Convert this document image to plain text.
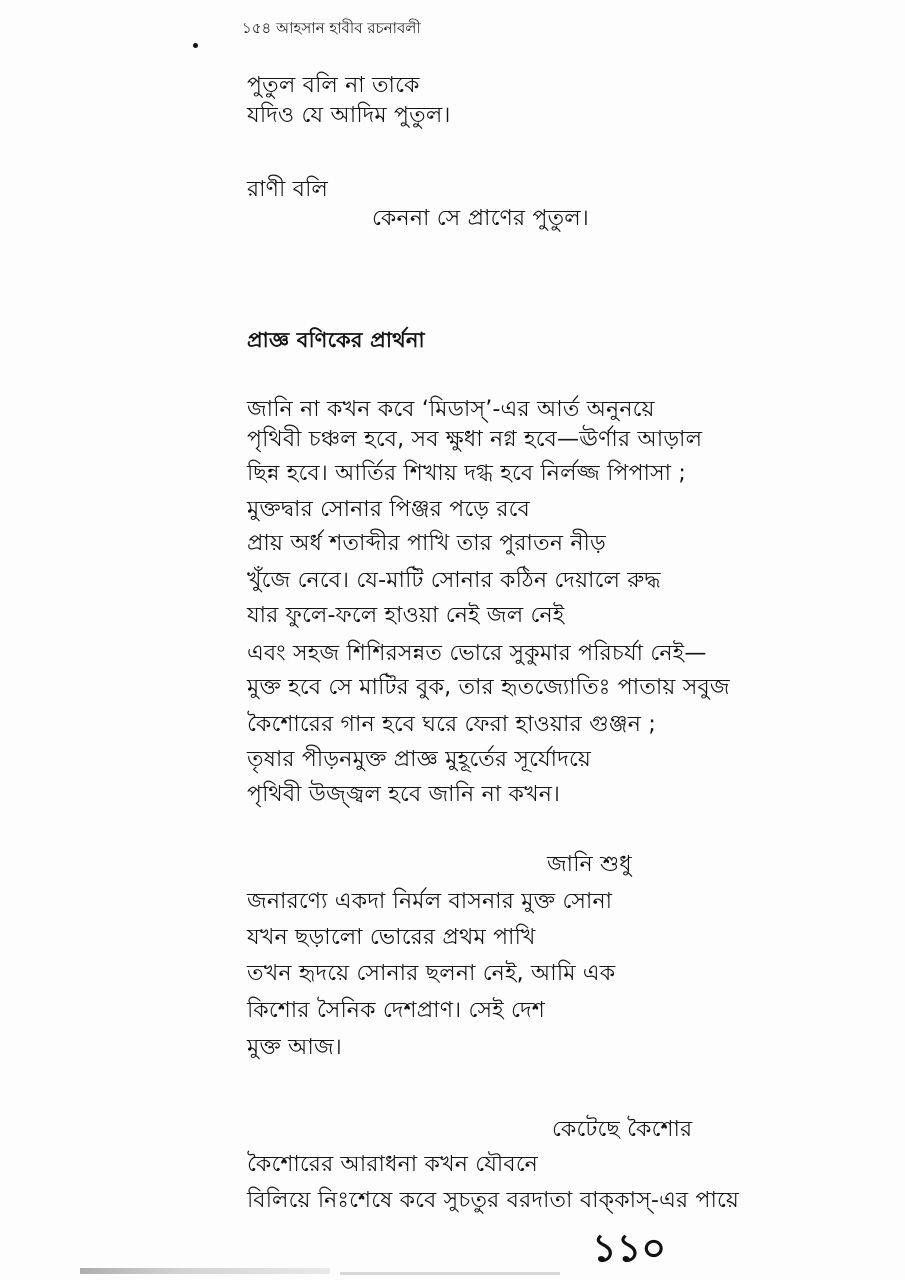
১৫৪ আহসান হাবীব রচনাবলী
পুতুল বলি না তাকে
যদিও যে আদিম পুতুল।
রাণী বলি
কেননা সে প্রাণের পুতুল।
প্রাজ্ঞ বণিকের প্রার্থনা
জানি না কখন কবে ‘মিডাস্’-এর আর্ত অনুনয়ে
পৃথিবী চঞ্চল হবে, সব ক্ষুধা নগ্ন হবে—ঊর্ণার আড়াল
ছিন্ন হবে। আর্তির শিখায় দগ্ধ হবে নির্লজ্জ পিপাসা ;
মুক্তদ্বার সোনার পিঞ্জর পড়ে রবে
প্রায় অর্ধ শতাব্দীর পাখি তার পুরাতন নীড়
খুঁজে নেবে। যে-মাটি সোনার কঠিন দেয়ালে রুদ্ধ
যার ফুলে-ফলে হাওয়া নেই জল নেই
এবং সহজ শিশিরসন্নত ভোরে সুকুমার পরিচর্যা নেই—
মুক্ত হবে সে মাটির বুক, তার হৃতজ্যোতিঃ পাতায় সবুজ
কৈশোরের গান হবে ঘরে ফেরা হাওয়ার গুঞ্জন ;
তৃষার পীড়নমুক্ত প্রাজ্ঞ মুহূর্তের সূর্যোদয়ে
পৃথিবী উজ্জ্বল হবে জানি না কখন।
জানি শুধু
জনারণ্যে একদা নির্মল বাসনার মুক্ত সোনা
যখন ছড়ালো ভোরের প্রথম পাখি
তখন হৃদয়ে সোনার ছলনা নেই, আমি এক
কিশোর সৈনিক দেশপ্রাণ। সেই দেশ
মুক্ত আজ।
কেটেছে কৈশোর
কৈশোরের আরাধনা কখন যৌবনে
বিলিয়ে নিঃশেষে কবে সুচতুর বরদাতা বাক্‌কাস্‌-এর পায়ে
১১০
